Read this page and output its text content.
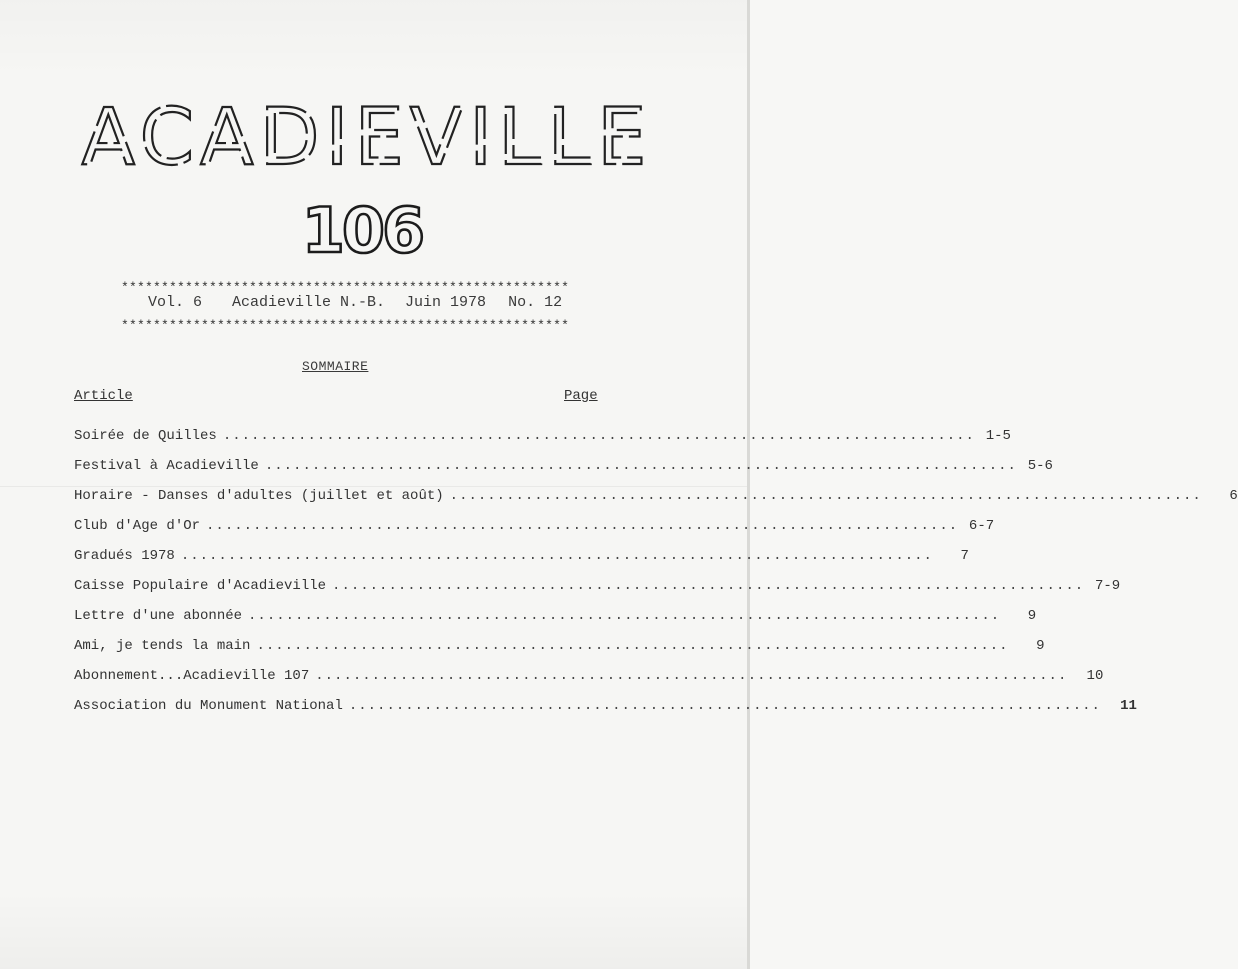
ACADIEVILLE
106
********************************************************
Vol. 6 Acadieville N.-B. Juin 1978 No. 12
********************************************************
SOMMAIRE
Article	Page
Soirée de Quilles ................................................................................ 1-5
Festival à Acadieville ................................................................................ 5-6
Horaire - Danses d'adultes (juillet et août) ................................................................................	6
Club d'Age d'Or ................................................................................ 6-7
Gradués 1978 ................................................................................	7
Caisse Populaire d'Acadieville ................................................................................ 7-9
Lettre d'une abonnée ................................................................................	9
Ami, je tends la main ................................................................................	9
Abonnement...Acadieville 107 ................................................................................	10
Association du Monument National ................................................................................	11
